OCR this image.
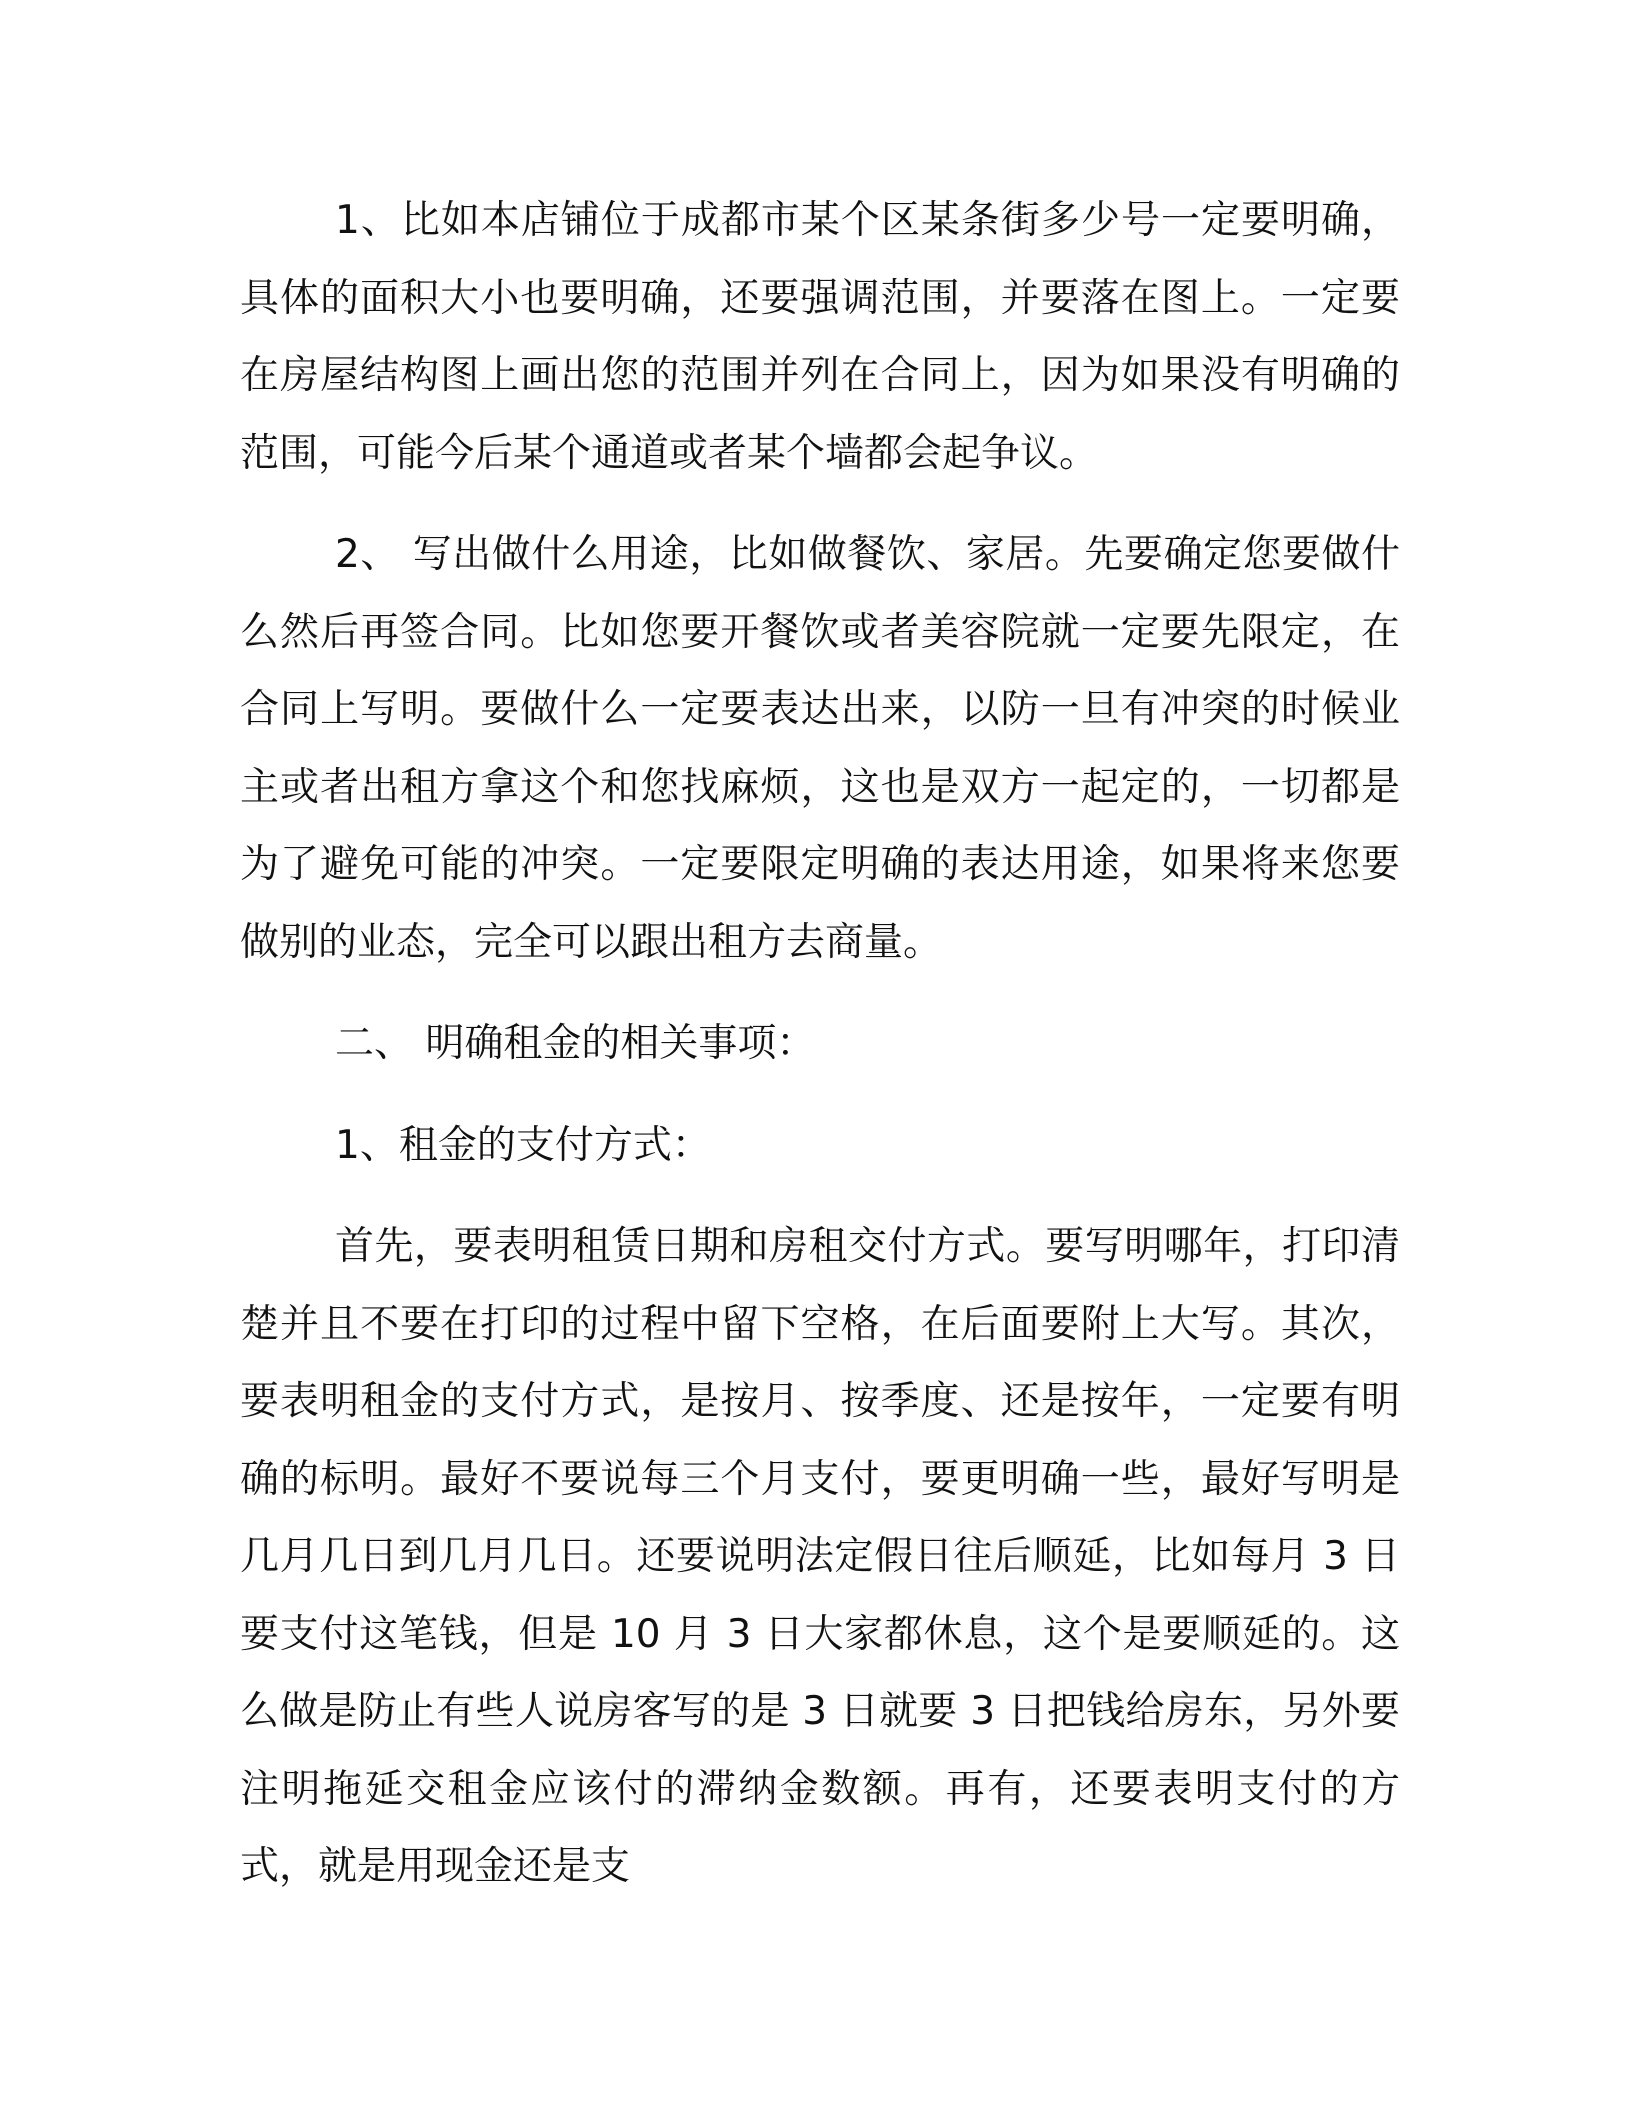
1、比如本店铺位于成都市某个区某条街多少号一定要明确，具体的面积大小也要明确，还要强调范围，并要落在图上。一定要在房屋结构图上画出您的范围并列在合同上，因为如果没有明确的范围，可能今后某个通道或者某个墙都会起争议。

2、 写出做什么用途，比如做餐饮、家居。先要确定您要做什么然后再签合同。比如您要开餐饮或者美容院就一定要先限定，在合同上写明。要做什么一定要表达出来，以防一旦有冲突的时候业主或者出租方拿这个和您找麻烦，这也是双方一起定的，一切都是为了避免可能的冲突。一定要限定明确的表达用途，如果将来您要做别的业态，完全可以跟出租方去商量。

二、 明确租金的相关事项：

1、租金的支付方式：

首先，要表明租赁日期和房租交付方式。要写明哪年，打印清楚并且不要在打印的过程中留下空格，在后面要附上大写。其次，要表明租金的支付方式，是按月、按季度、还是按年，一定要有明确的标明。最好不要说每三个月支付，要更明确一些，最好写明是几月几日到几月几日。还要说明法定假日往后顺延，比如每月 3 日要支付这笔钱，但是 10 月 3 日大家都休息，这个是要顺延的。这么做是防止有些人说房客写的是 3 日就要 3 日把钱给房东，另外要注明拖延交租金应该付的滞纳金数额。再有，还要表明支付的方式，就是用现金还是支
